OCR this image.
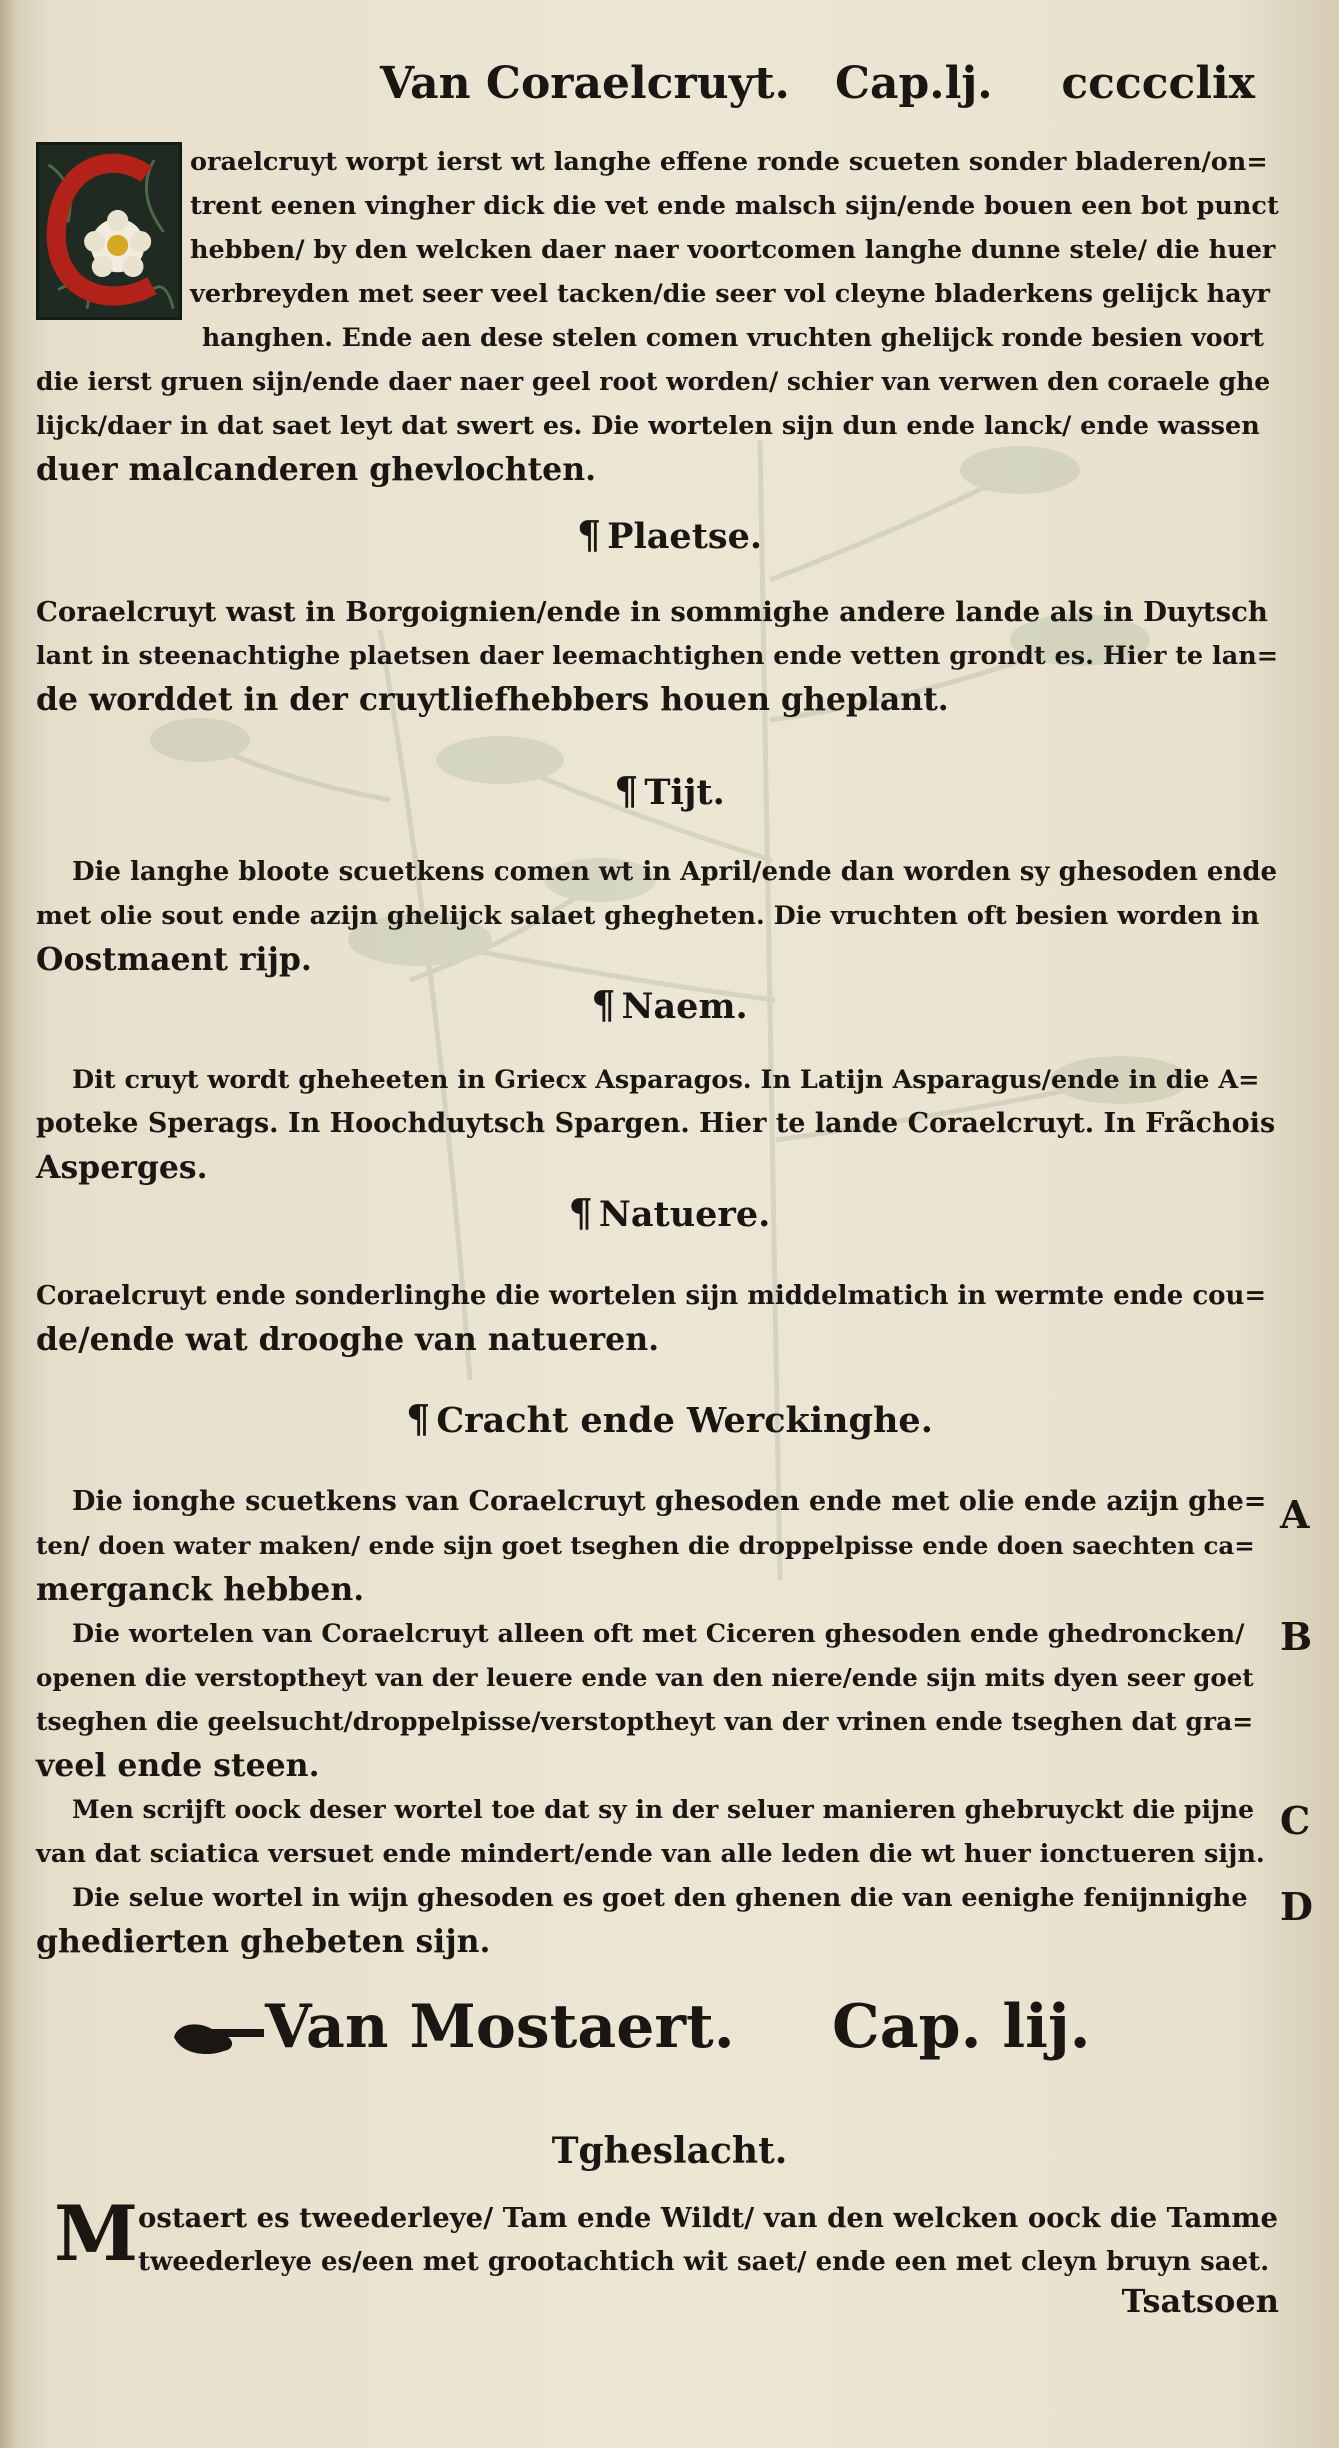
Van Coraelcruyt. Cap.lj. ccccclix
oraelcruyt worpt ierst wt langhe effene ronde scueten sonder bladeren/on=
trent eenen vingher dick die vet ende malsch sijn/ende bouen een bot punct
hebben/ by den welcken daer naer voortcomen langhe dunne stele/ die huer
verbreyden met seer veel tacken/die seer vol cleyne bladerkens gelijck hayr
hanghen. Ende aen dese stelen comen vruchten ghelijck ronde besien voort
die ierst gruen sijn/ende daer naer geel root worden/ schier van verwen den coraele ghe
lijck/daer in dat saet leyt dat swert es. Die wortelen sijn dun ende lanck/ ende wassen
duer malcanderen ghevlochten.
¶ Plaetse.
Coraelcruyt wast in Borgoignien/ende in sommighe andere lande als in Duytsch
lant in steenachtighe plaetsen daer leemachtighen ende vetten grondt es. Hier te lan=
de worddet in der cruytliefhebbers houen gheplant.
¶ Tijt.
Die langhe bloote scuetkens comen wt in April/ende dan worden sy ghesoden ende
met olie sout ende azijn ghelijck salaet ghegheten. Die vruchten oft besien worden in
Oostmaent rijp.
¶ Naem.
Dit cruyt wordt gheheeten in Griecx Asparagos. In Latijn Asparagus/ende in die A=
poteke Sperags. In Hoochduytsch Spargen. Hier te lande Coraelcruyt. In Frãchois
Asperges.
¶ Natuere.
Coraelcruyt ende sonderlinghe die wortelen sijn middelmatich in wermte ende cou=
de/ende wat drooghe van natueren.
¶ Cracht ende Werckinghe.
Die ionghe scuetkens van Coraelcruyt ghesoden ende met olie ende azijn ghe=
ten/ doen water maken/ ende sijn goet tseghen die droppelpisse ende doen saechten ca=
merganck hebben.
Die wortelen van Coraelcruyt alleen oft met Ciceren ghesoden ende ghedroncken/
openen die verstoptheyt van der leuere ende van den niere/ende sijn mits dyen seer goet
tseghen die geelsucht/droppelpisse/verstoptheyt van der vrinen ende tseghen dat gra=
veel ende steen.
Men scrijft oock deser wortel toe dat sy in der seluer manieren ghebruyckt die pijne
van dat sciatica versuet ende mindert/ende van alle leden die wt huer ionctueren sijn.
Die selue wortel in wijn ghesoden es goet den ghenen die van eenighe fenijnnighe
ghedierten ghebeten sijn.
A
B
C
D
Van Mostaert. Cap. lij.
Tgheslacht.
M ostaert es tweederleye/ Tam ende Wildt/ van den welcken oock die Tamme
tweederleye es/een met grootachtich wit saet/ ende een met cleyn bruyn saet.
Tsatsoen
